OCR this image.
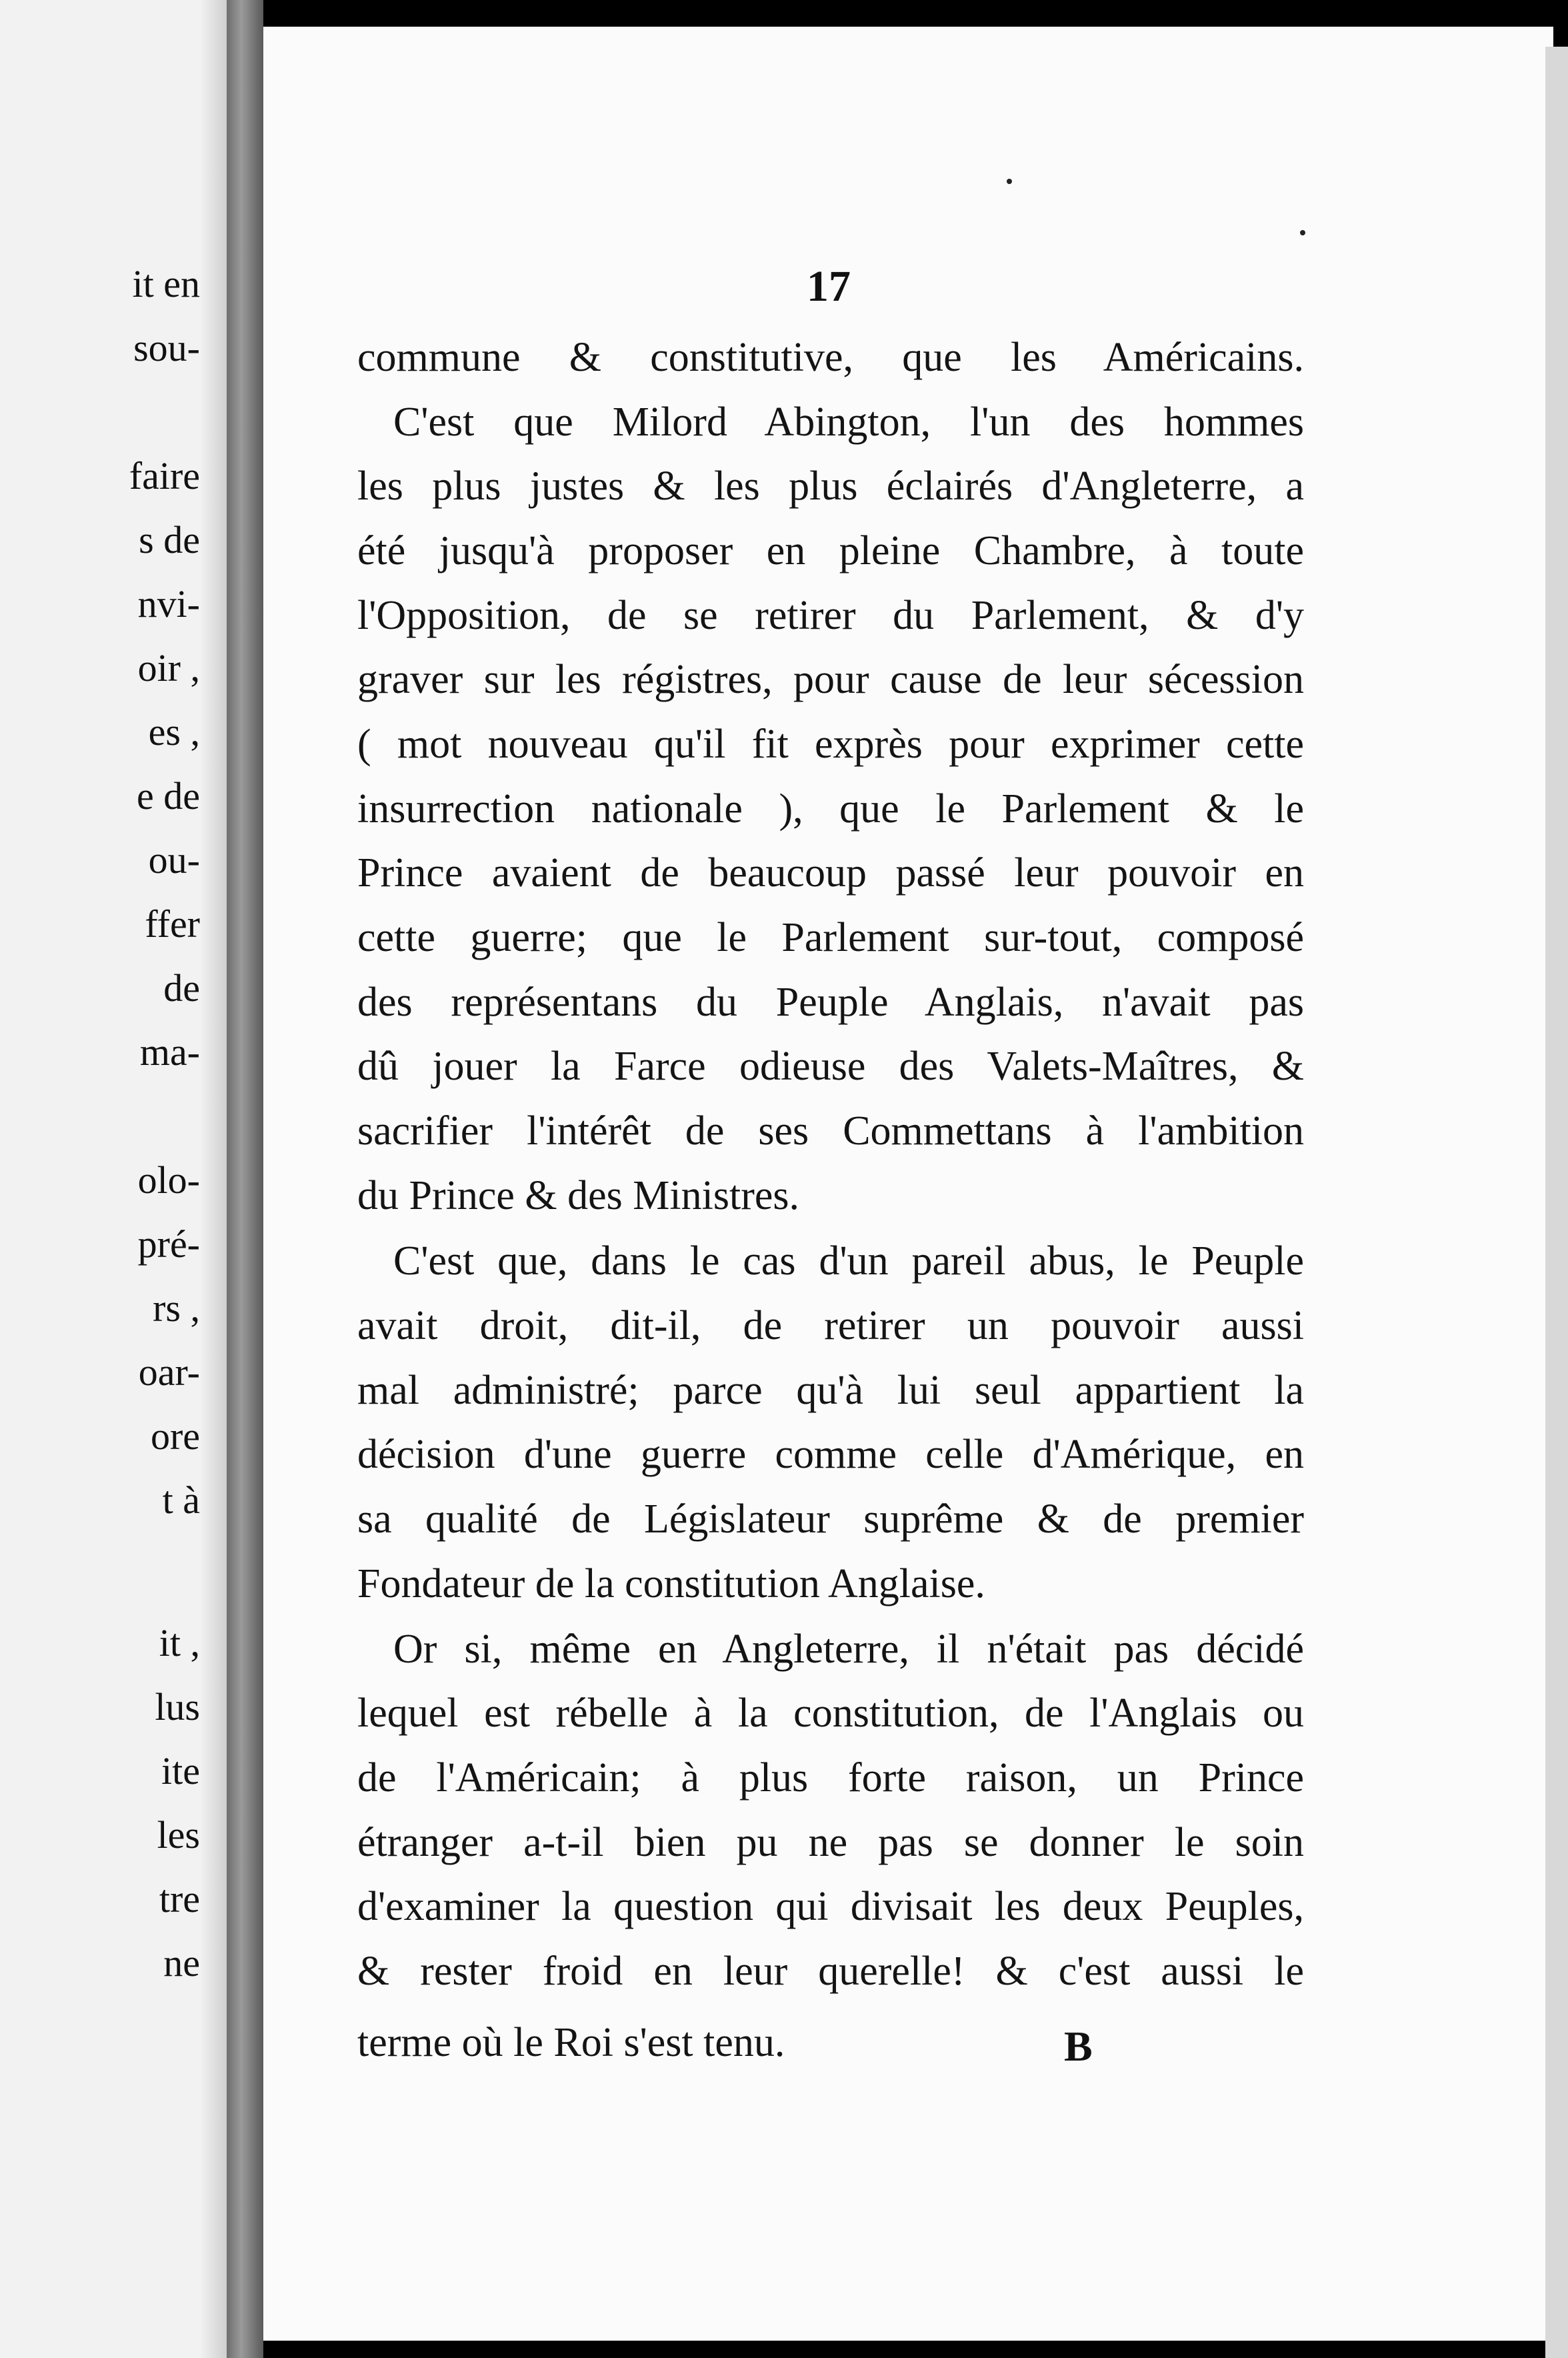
it en
sou-
faire
s de
nvi-
oir ,
es ,
e de
ou-
ffer
de
ma-
olo-
pré-
rs ,
oar-
ore
t à
it ,
lus
ite
les
tre
ne

17

commune & constitutive, que les Américains.

C'est que Milord Abington, l'un des hommes

les plus justes & les plus éclairés d'Angleterre, a

été jusqu'à proposer en pleine Chambre, à toute

l'Opposition, de se retirer du Parlement, & d'y

graver sur les régistres, pour cause de leur sécession

( mot nouveau qu'il fit exprès pour exprimer cette

insurrection nationale ), que le Parlement & le

Prince avaient de beaucoup passé leur pouvoir en

cette guerre; que le Parlement sur-tout, composé

des représentans du Peuple Anglais, n'avait pas

dû jouer la Farce odieuse des Valets-Maîtres, &

sacrifier l'intérêt de ses Commettans à l'ambition

du Prince & des Ministres.

C'est que, dans le cas d'un pareil abus, le Peuple

avait droit, dit-il, de retirer un pouvoir aussi

mal administré; parce qu'à lui seul appartient la

décision d'une guerre comme celle d'Amérique, en

sa qualité de Législateur suprême & de premier

Fondateur de la constitution Anglaise.

Or si, même en Angleterre, il n'était pas décidé

lequel est rébelle à la constitution, de l'Anglais ou

de l'Américain; à plus forte raison, un Prince

étranger a-t-il bien pu ne pas se donner le soin

d'examiner la question qui divisait les deux Peuples,

& rester froid en leur querelle! & c'est aussi le

terme où le Roi s'est tenu.	B
